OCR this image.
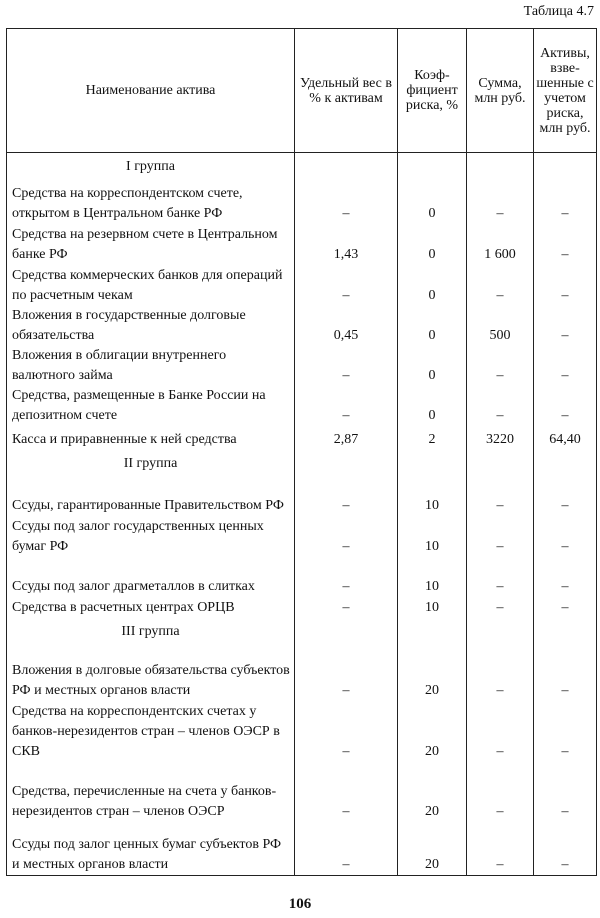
Таблица 4.7
Наименование актива	Удельный вес в % к активам	Коэф- фициент риска, %	Сумма, млн руб.	Активы, взве- шенные с учетом риска, млн руб.
I группа				
Средства на корреспондентском счете, открытом в Центральном банке РФ	–	0	–	–
Средства на резервном счете в Центральном банке РФ	1,43	0	1 600	–
Средства коммерческих банков для операций по расчетным чекам	–	0	–	–
Вложения в государственные долговые обязательства	0,45	0	500	–
Вложения в облигации внутреннего валютного займа	–	0	–	–
Средства, размещенные в Банке России на депозитном счете	–	0	–	–
Касса и приравненные к ней средства	2,87	2	3220	64,40
II группа				
Ссуды, гарантированные Правительством РФ	–	10	–	–
Ссуды под залог государственных ценных бумаг РФ	–	10	–	–
Ссуды под залог драгметаллов в слитках	–	10	–	–
Средства в расчетных центрах ОРЦВ	–	10	–	–
III группа				
Вложения в долговые обязательства субъектов РФ и местных органов власти	–	20	–	–
Средства на корреспондентских счетах у банков-нерезидентов стран – членов ОЭСР в СКВ	–	20	–	–
Средства, перечисленные на счета у банков-нерезидентов стран – членов ОЭСР	–	20	–	–
Ссуды под залог ценных бумаг субъектов РФ и местных органов власти	–	20	–	–
106
